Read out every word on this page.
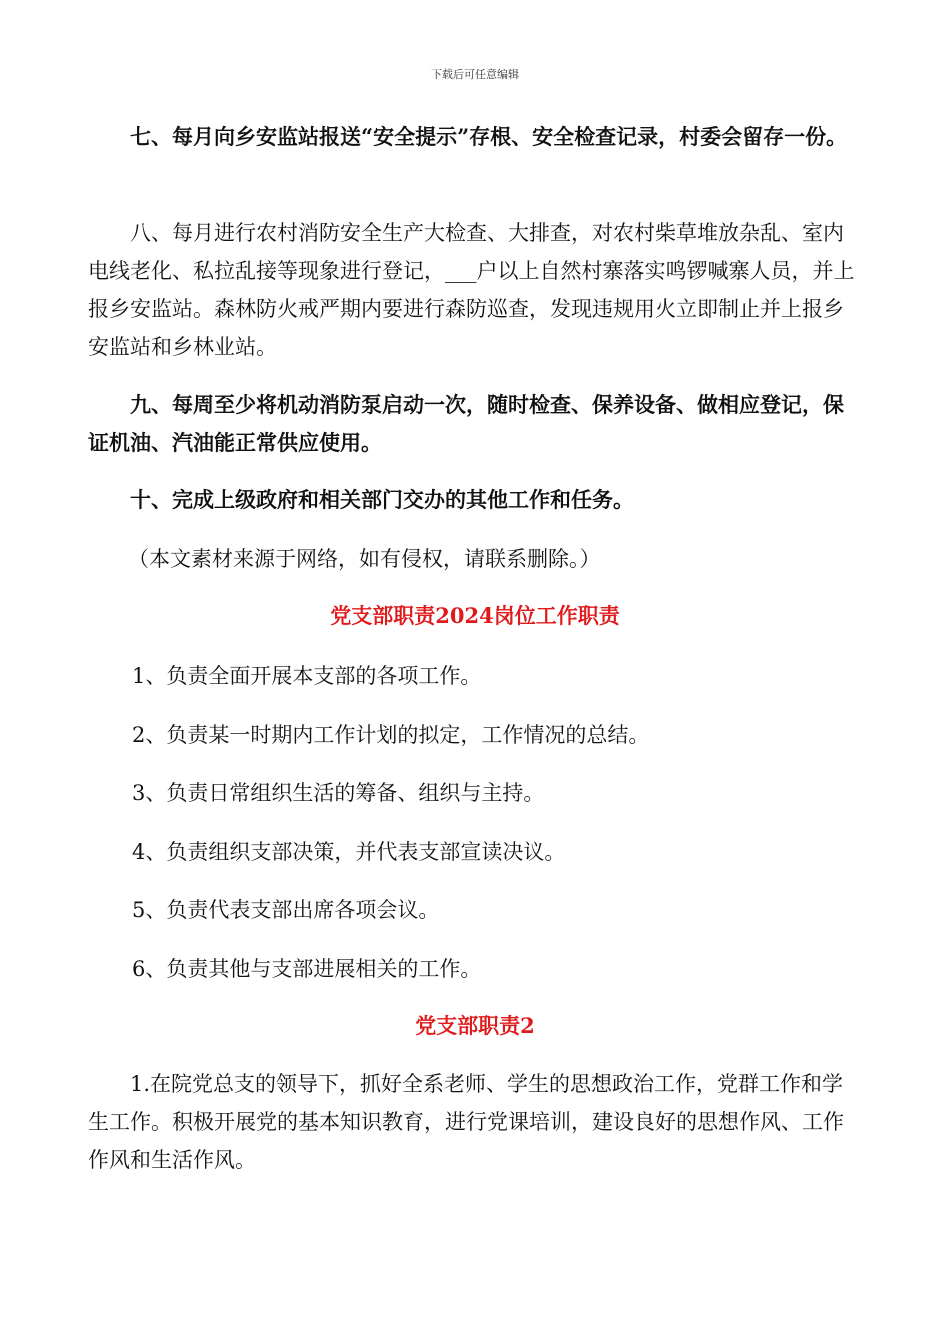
下载后可任意编辑

七、每月向乡安监站报送“安全提示”存根、安全检查记录，村委会留存一份。

八、每月进行农村消防安全生产大检查、大排查，对农村柴草堆放杂乱、室内电线老化、私拉乱接等现象进行登记，___户以上自然村寨落实鸣锣喊寨人员，并上报乡安监站。森林防火戒严期内要进行森防巡查，发现违规用火立即制止并上报乡安监站和乡林业站。

九、每周至少将机动消防泵启动一次，随时检查、保养设备、做相应登记，保证机油、汽油能正常供应使用。

十、完成上级政府和相关部门交办的其他工作和任务。

（本文素材来源于网络，如有侵权，请联系删除。）

党支部职责2024岗位工作职责

1、负责全面开展本支部的各项工作。

2、负责某一时期内工作计划的拟定，工作情况的总结。

3、负责日常组织生活的筹备、组织与主持。

4、负责组织支部决策，并代表支部宣读决议。

5、负责代表支部出席各项会议。

6、负责其他与支部进展相关的工作。

党支部职责2

1.在院党总支的领导下，抓好全系老师、学生的思想政治工作，党群工作和学生工作。积极开展党的基本知识教育，进行党课培训，建设良好的思想作风、工作作风和生活作风。
